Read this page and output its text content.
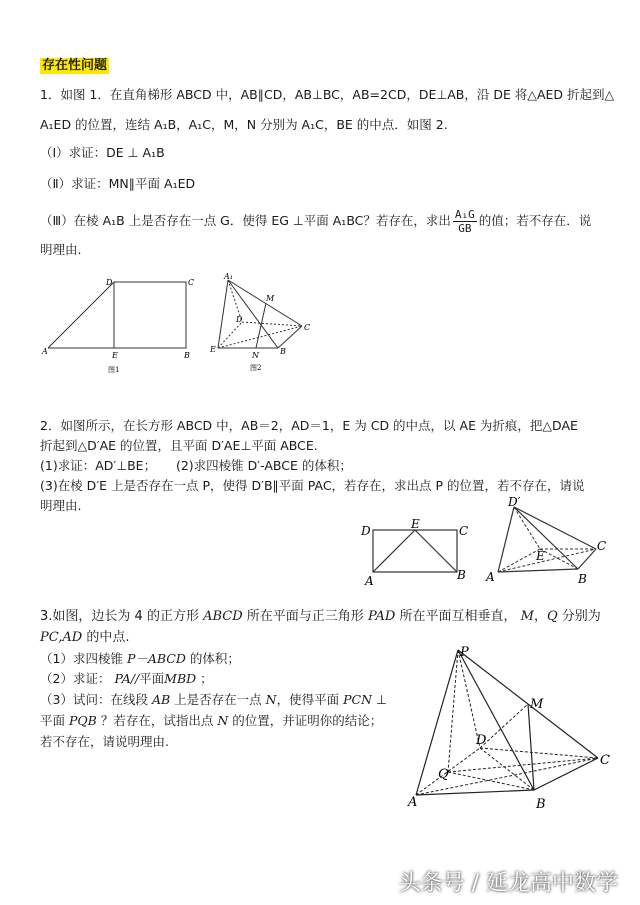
存在性问题
1．如图 1．在直角梯形 ABCD 中，AB∥CD，AB⊥BC，AB=2CD，DE⊥AB，沿 DE 将△AED 折起到△
A₁ED 的位置，连结 A₁B，A₁C，M，N 分别为 A₁C，BE 的中点．如图 2.
（Ⅰ）求证：DE ⊥ A₁B
（Ⅱ）求证：MN∥平面 A₁ED
（Ⅲ）在棱 A₁B 上是否存在一点 G．使得 EG ⊥平面 A₁BC？若存在，求出 $\frac{\text{A₁G}}{GB}$ 的值；若不存在．说
明理由.
A
D	C
E	B
图1
A₁
M
C
D
E
N	B
图2
2．如图所示，在长方形 ABCD 中，AB＝2，AD＝1，E 为 CD 的中点，以 AE 为折痕，把△DAE
折起到△D′AE 的位置，且平面 D′AE⊥平面 ABCE.
(1)求证：AD′⊥BE； (2)求四棱锥 D′-ABCE 的体积；
(3)在棱 D′E 上是否存在一点 P，使得 D′B∥平面 PAC，若存在，求出点 P 的位置，若不存在，请说
明理由.
D	E	C
A	B
D′
E
C
A	B
3.如图，边长为 4 的正方形 ABCD 所在平面与正三角形 PAD 所在平面互相垂直， M，Q 分别为
PC,AD 的中点.
（1）求四棱锥 P－ABCD 的体积；
（2）求证： PA//平面MBD ；
（3）试问：在线段 AB 上是否存在一点 N，使得平面 PCN ⊥
平面 PQB ？若存在，试指出点 N 的位置，并证明你的结论；
若不存在，请说明理由.
P
M
D
C
Q
A	B
头条号 / 延龙高中数学
